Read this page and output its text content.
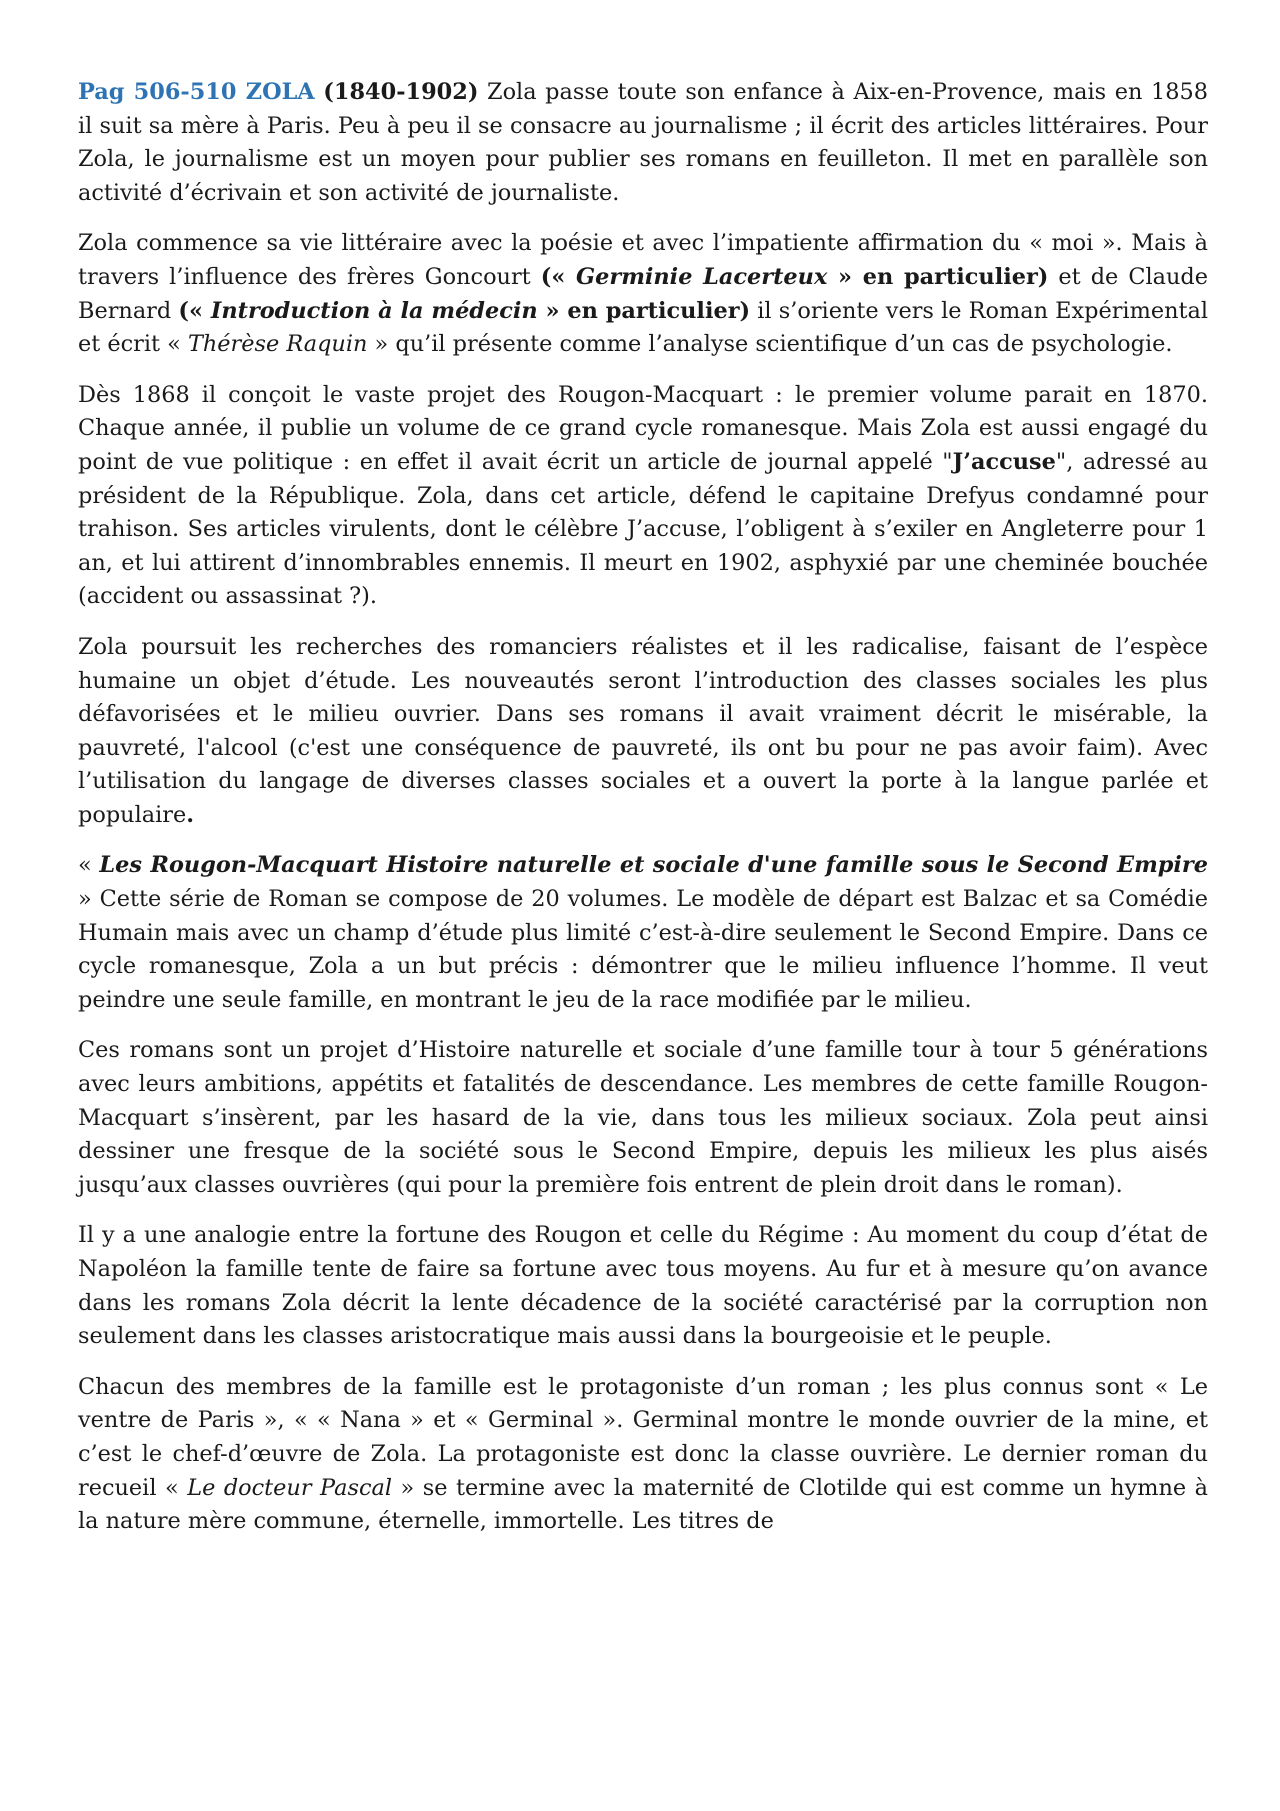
Pag 506-510 ZOLA (1840-1902) Zola passe toute son enfance à Aix-en-Provence, mais en 1858 il suit sa mère à Paris. Peu à peu il se consacre au journalisme ; il écrit des articles littéraires. Pour Zola, le journalisme est un moyen pour publier ses romans en feuilleton. Il met en parallèle son activité d’écrivain et son activité de journaliste.

Zola commence sa vie littéraire avec la poésie et avec l’impatiente affirmation du « moi ». Mais à travers l’influence des frères Goncourt (« Germinie Lacerteux » en particulier) et de Claude Bernard (« Introduction à la médecin » en particulier) il s’oriente vers le Roman Expérimental et écrit « Thérèse Raquin » qu’il présente comme l’analyse scientifique d’un cas de psychologie.

Dès 1868 il conçoit le vaste projet des Rougon-Macquart : le premier volume parait en 1870. Chaque année, il publie un volume de ce grand cycle romanesque. Mais Zola est aussi engagé du point de vue politique : en effet il avait écrit un article de journal appelé "J’accuse", adressé au président de la République. Zola, dans cet article, défend le capitaine Drefyus condamné pour trahison. Ses articles virulents, dont le célèbre J’accuse, l’obligent à s’exiler en Angleterre pour 1 an, et lui attirent d’innombrables ennemis. Il meurt en 1902, asphyxié par une cheminée bouchée (accident ou assassinat ?).

Zola poursuit les recherches des romanciers réalistes et il les radicalise, faisant de l’espèce humaine un objet d’étude. Les nouveautés seront l’introduction des classes sociales les plus défavorisées et le milieu ouvrier. Dans ses romans il avait vraiment décrit le misérable, la pauvreté, l'alcool (c'est une conséquence de pauvreté, ils ont bu pour ne pas avoir faim). Avec l’utilisation du langage de diverses classes sociales et a ouvert la porte à la langue parlée et populaire.

« Les Rougon-Macquart Histoire naturelle et sociale d'une famille sous le Second Empire » Cette série de Roman se compose de 20 volumes. Le modèle de départ est Balzac et sa Comédie Humain mais avec un champ d’étude plus limité c’est-à-dire seulement le Second Empire. Dans ce cycle romanesque, Zola a un but précis : démontrer que le milieu influence l’homme. Il veut peindre une seule famille, en montrant le jeu de la race modifiée par le milieu.

Ces romans sont un projet d’Histoire naturelle et sociale d’une famille tour à tour 5 générations avec leurs ambitions, appétits et fatalités de descendance. Les membres de cette famille Rougon-Macquart s’insèrent, par les hasard de la vie, dans tous les milieux sociaux. Zola peut ainsi dessiner une fresque de la société sous le Second Empire, depuis les milieux les plus aisés jusqu’aux classes ouvrières (qui pour la première fois entrent de plein droit dans le roman).

Il y a une analogie entre la fortune des Rougon et celle du Régime : Au moment du coup d’état de Napoléon la famille tente de faire sa fortune avec tous moyens. Au fur et à mesure qu’on avance dans les romans Zola décrit la lente décadence de la société caractérisé par la corruption non seulement dans les classes aristocratique mais aussi dans la bourgeoisie et le peuple.

Chacun des membres de la famille est le protagoniste d’un roman ; les plus connus sont « Le ventre de Paris », « « Nana » et « Germinal ». Germinal montre le monde ouvrier de la mine, et c’est le chef-d’œuvre de Zola. La protagoniste est donc la classe ouvrière. Le dernier roman du recueil « Le docteur Pascal » se termine avec la maternité de Clotilde qui est comme un hymne à la nature mère commune, éternelle, immortelle. Les titres de
